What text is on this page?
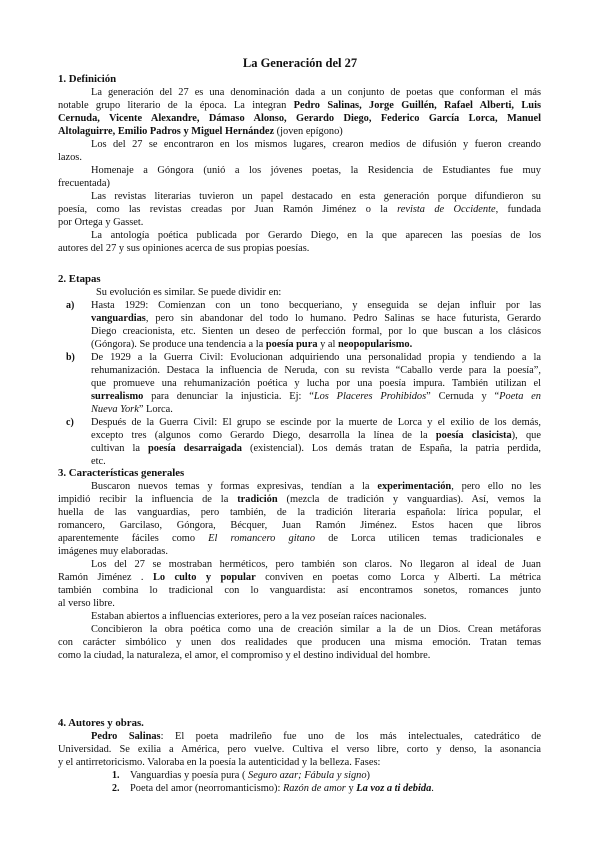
La Generación del 27
1. Definición
La generación del 27 es una denominación dada a un conjunto de poetas que conforman el más
notable grupo literario de la época. La integran Pedro Salinas, Jorge Guillén, Rafael Alberti, Luis
Cernuda, Vicente Alexandre, Dámaso Alonso, Gerardo Diego, Federico García Lorca, Manuel
Altolaguirre, Emilio Padros y Miguel Hernández (joven epígono)
Los del 27 se encontraron en los mismos lugares, crearon medios de difusión y fueron creando
lazos.
Homenaje a Góngora (unió a los jóvenes poetas, la Residencia de Estudiantes fue muy
frecuentada)
Las revistas literarias tuvieron un papel destacado en esta generación porque difundieron su
poesía, como las revistas creadas por Juan Ramón Jiménez o la revista de Occidente, fundada
por Ortega y Gasset.
La antología poética publicada por Gerardo Diego, en la que aparecen las poesías de los
autores del 27 y sus opiniones acerca de sus propias poesías.
2. Etapas
Su evolución es similar. Se puede dividir en:
a) Hasta 1929: Comienzan con un tono becqueriano, y enseguida se dejan influir por las
vanguardias, pero sin abandonar del todo lo humano. Pedro Salinas se hace futurista, Gerardo
Diego creacionista, etc. Sienten un deseo de perfección formal, por lo que buscan a los clásicos
(Góngora). Se produce una tendencia a la poesía pura y al neopopularismo.
b) De 1929 a la Guerra Civil: Evolucionan adquiriendo una personalidad propia y tendiendo a la
rehumanización. Destaca la influencia de Neruda, con su revista “Caballo verde para la poesía”,
que promueve una rehumanización poética y lucha por una poesía impura. También utilizan el
surrealismo para denunciar la injusticia. Ej: “Los Placeres Prohibidos” Cernuda y “Poeta en
Nueva York” Lorca.
c) Después de la Guerra Civil: El grupo se escinde por la muerte de Lorca y el exilio de los demás,
excepto tres (algunos como Gerardo Diego, desarrolla la línea de la poesía clasicista), que
cultivan la poesía desarraigada (existencial). Los demás tratan de España, la patria perdida,
etc.
3. Características generales
Buscaron nuevos temas y formas expresivas, tendían a la experimentación, pero ello no les
impidió recibir la influencia de la tradición (mezcla de tradición y vanguardias). Así, vemos la
huella de las vanguardias, pero también, de la tradición literaria española: lírica popular, el
romancero, Garcilaso, Góngora, Bécquer, Juan Ramón Jiménez. Estos hacen que libros
aparentemente fáciles como El romancero gitano de Lorca utilicen temas tradicionales e
imágenes muy elaboradas.
Los del 27 se mostraban herméticos, pero también son claros. No llegaron al ideal de Juan
Ramón Jiménez . Lo culto y popular conviven en poetas como Lorca y Alberti. La métrica
también combina lo tradicional con lo vanguardista: así encontramos sonetos, romances junto
al verso libre.
Estaban abiertos a influencias exteriores, pero a la vez poseían raíces nacionales.
Concibieron la obra poética como una de creación similar a la de un Dios. Crean metáforas
con carácter simbólico y unen dos realidades que producen una misma emoción. Tratan temas
como la ciudad, la naturaleza, el amor, el compromiso y el destino individual del hombre.
4. Autores y obras.
Pedro Salinas: El poeta madrileño fue uno de los más intelectuales, catedrático de
Universidad. Se exilia a América, pero vuelve. Cultiva el verso libre, corto y denso, la asonancia
y el antirretoricismo. Valoraba en la poesía la autenticidad y la belleza. Fases:
1. Vanguardias y poesía pura ( Seguro azar; Fábula y signo)
2. Poeta del amor (neorromanticismo): Razón de amor y La voz a ti debida.
